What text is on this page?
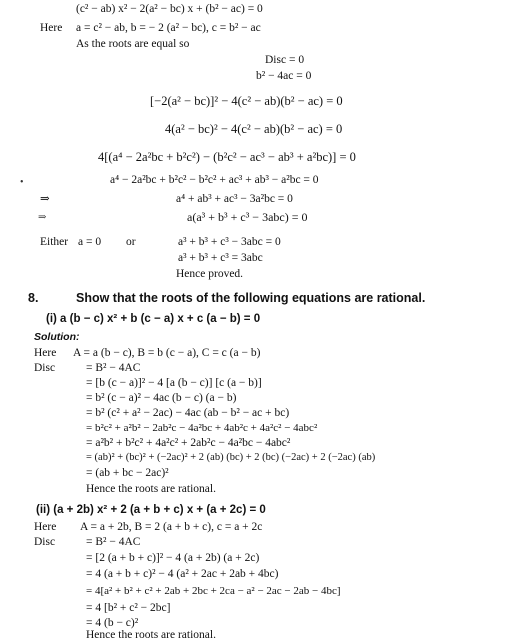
(c² − ab) x² − 2(a² − bc) x + (b² − ac) = 0
Here a = c² − ab, b = − 2 (a² − bc), c = b² − ac
As the roots are equal so
Disc = 0
b² − 4ac = 0
[−2(a² − bc)]² − 4(c² − ab)(b² − ac) = 0
4(a² − bc)² − 4(c² − ab)(b² − ac) = 0
4[(a⁴ − 2a²bc + b²c²) − (b²c² − ac³ − ab³ + a²bc)] = 0
a⁴ − 2a²bc + b²c² − b²c² + ac³ + ab³ − a²bc = 0
•
⇒	a⁴ + ab³ + ac³ − 3a²bc = 0
⇒	a(a³ + b³ + c³ − 3abc) = 0
Either a = 0 or	a³ + b³ + c³ − 3abc = 0
a³ + b³ + c³ = 3abc
Hence proved.
8.	Show that the roots of the following equations are rational.
(i) a (b − c) x² + b (c − a) x + c (a − b) = 0
Solution:
Here A = a (b − c), B = b (c − a), C = c (a − b)
Disc	= B² − 4AC
= [b (c − a)]² − 4 [a (b − c)] [c (a − b)]
= b² (c − a)² − 4ac (b − c) (a − b)
= b² (c² + a² − 2ac) − 4ac (ab − b² − ac + bc)
= b²c² + a²b² − 2ab²c − 4a²bc + 4ab²c + 4a²c² − 4abc²
= a²b² + b²c² + 4a²c² + 2ab²c − 4a²bc − 4abc²
= (ab)² + (bc)² + (−2ac)² + 2 (ab) (bc) + 2 (bc) (−2ac) + 2 (−2ac) (ab)
= (ab + bc − 2ac)²
Hence the roots are rational.
(ii) (a + 2b) x² + 2 (a + b + c) x + (a + 2c) = 0
Here A = a + 2b, B = 2 (a + b + c), c = a + 2c
Disc	= B² − 4AC
= [2 (a + b + c)]² − 4 (a + 2b) (a + 2c)
= 4 (a + b + c)² − 4 (a² + 2ac + 2ab + 4bc)
= 4[a² + b² + c² + 2ab + 2bc + 2ca − a² − 2ac − 2ab − 4bc]
= 4 [b² + c² − 2bc]
= 4 (b − c)²
Hence the roots are rational.
